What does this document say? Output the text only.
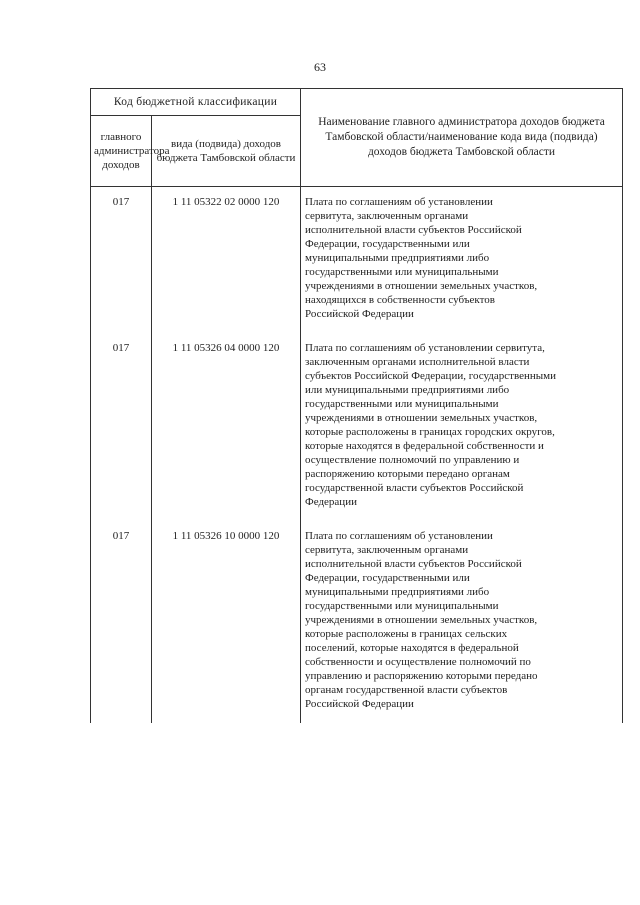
63
Код бюджетной классификации		Наименование главного администратора доходов бюджета Тамбовской области/наименование кода вида (подвида) доходов бюджета Тамбовской области
главного администратора доходов	вида (подвида) доходов бюджета Тамбовской области	
017	1 11 05322 02 0000 120	Плата по соглашениям об установлении сервитута, заключенным органами исполнительной власти субъектов Российской Федерации, государственными или муниципальными предприятиями либо государственными или муниципальными учреждениями в отношении земельных участков, находящихся в собственности субъектов Российской Федерации
017	1 11 05326 04 0000 120	Плата по соглашениям об установлении сервитута, заключенным органами исполнительной власти субъектов Российской Федерации, государственными или муниципальными предприятиями либо государственными или муниципальными учреждениями в отношении земельных участков, которые расположены в границах городских округов, которые находятся в федеральной собственности и осуществление полномочий по управлению и распоряжению которыми передано органам государственной власти субъектов Российской Федерации
017	1 11 05326 10 0000 120	Плата по соглашениям об установлении сервитута, заключенным органами исполнительной власти субъектов Российской Федерации, государственными или муниципальными предприятиями либо государственными или муниципальными учреждениями в отношении земельных участков, которые расположены в границах сельских поселений, которые находятся в федеральной собственности и осуществление полномочий по управлению и распоряжению которыми передано органам государственной власти субъектов Российской Федерации
